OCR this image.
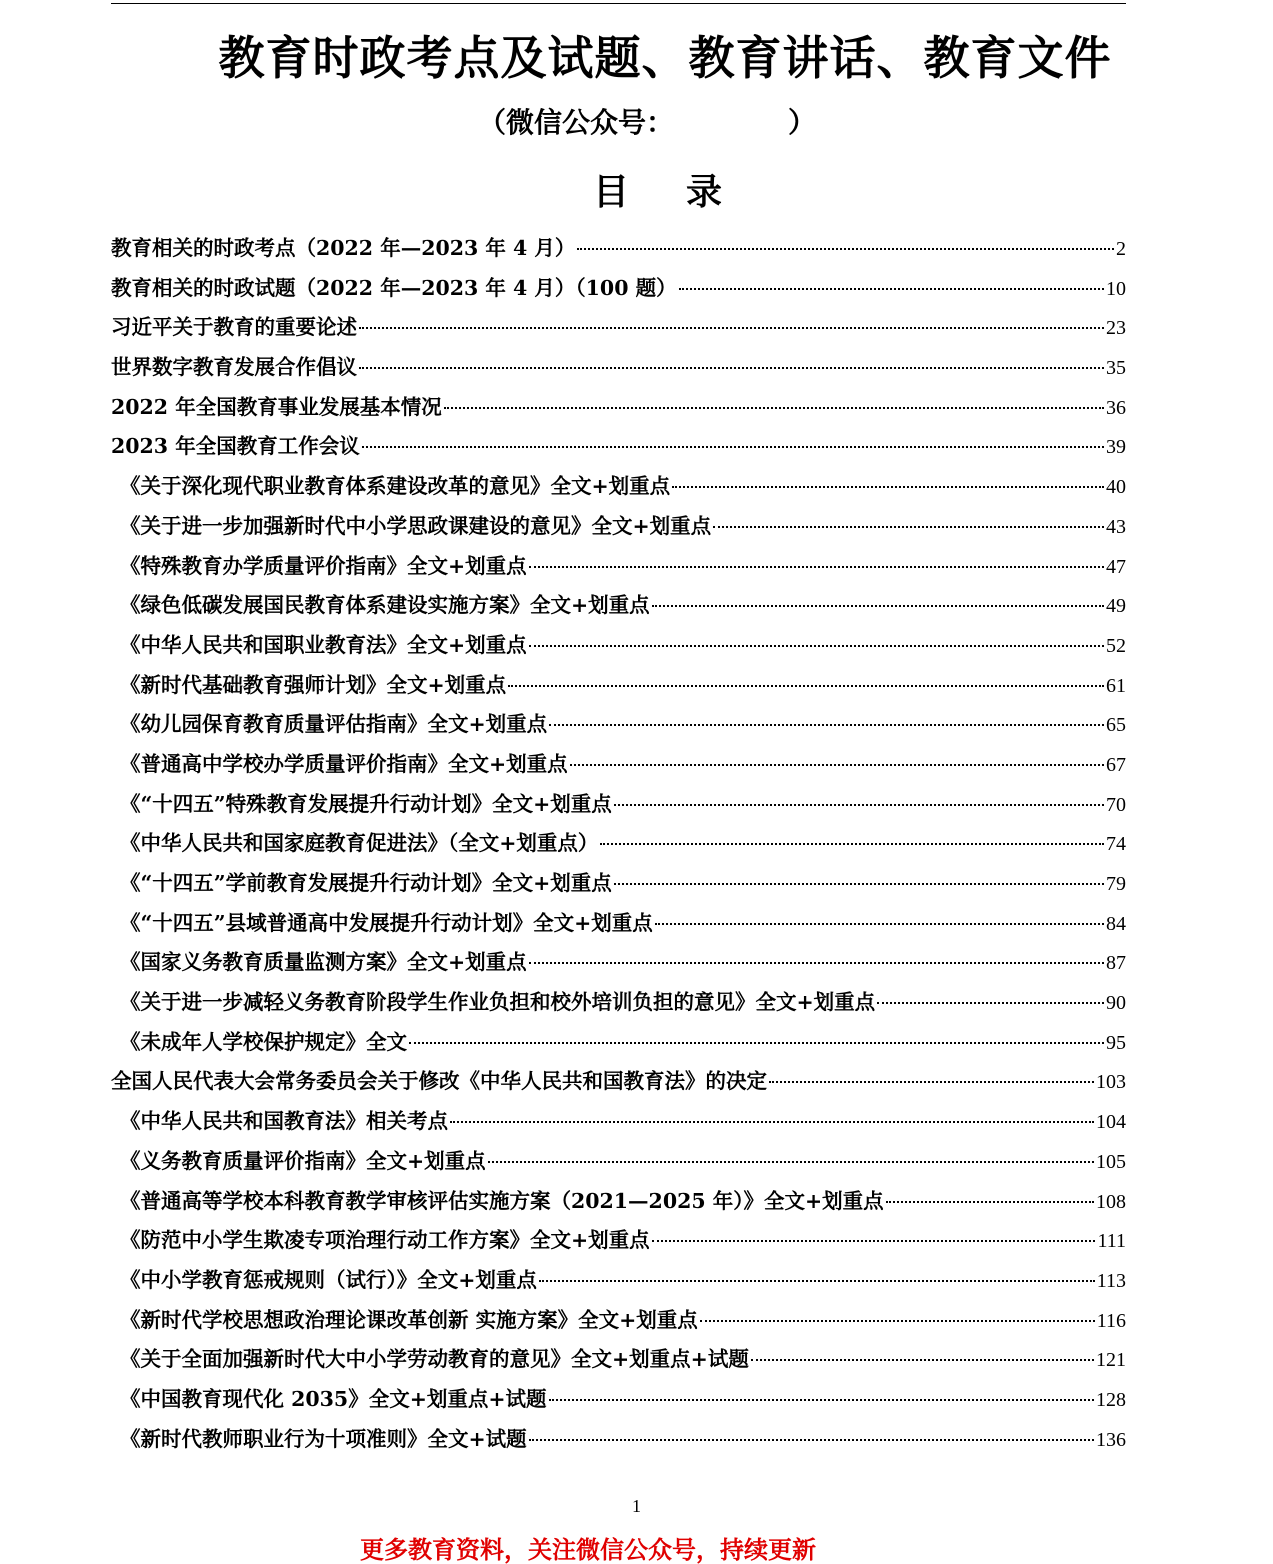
教育时政考点及试题、教育讲话、教育文件
（微信公众号：	）
目 录
教育相关的时政考点（2022 年—2023 年 4 月）	2
教育相关的时政试题（2022 年—2023 年 4 月）（100 题）	10
习近平关于教育的重要论述	23
世界数字教育发展合作倡议	35
2022 年全国教育事业发展基本情况	36
2023 年全国教育工作会议	39
《关于深化现代职业教育体系建设改革的意见》全文+划重点	40
《关于进一步加强新时代中小学思政课建设的意见》全文+划重点	43
《特殊教育办学质量评价指南》全文+划重点	47
《绿色低碳发展国民教育体系建设实施方案》全文+划重点	49
《中华人民共和国职业教育法》全文+划重点	52
《新时代基础教育强师计划》全文+划重点	61
《幼儿园保育教育质量评估指南》全文+划重点	65
《普通高中学校办学质量评价指南》全文+划重点	67
《“十四五”特殊教育发展提升行动计划》全文+划重点	70
《中华人民共和国家庭教育促进法》（全文+划重点）	74
《“十四五”学前教育发展提升行动计划》全文+划重点	79
《“十四五”县域普通高中发展提升行动计划》全文+划重点	84
《国家义务教育质量监测方案》全文+划重点	87
《关于进一步减轻义务教育阶段学生作业负担和校外培训负担的意见》全文+划重点	90
《未成年人学校保护规定》全文	95
全国人民代表大会常务委员会关于修改《中华人民共和国教育法》的决定	103
《中华人民共和国教育法》相关考点	104
《义务教育质量评价指南》全文+划重点	105
《普通高等学校本科教育教学审核评估实施方案（2021—2025 年）》全文+划重点	108
《防范中小学生欺凌专项治理行动工作方案》全文+划重点	111
《中小学教育惩戒规则（试行）》全文+划重点	113
《新时代学校思想政治理论课改革创新 实施方案》全文+划重点	116
《关于全面加强新时代大中小学劳动教育的意见》全文+划重点+试题	121
《中国教育现代化 2035》全文+划重点+试题	128
《新时代教师职业行为十项准则》全文+试题	136
1
更多教育资料，关注微信公众号，持续更新
